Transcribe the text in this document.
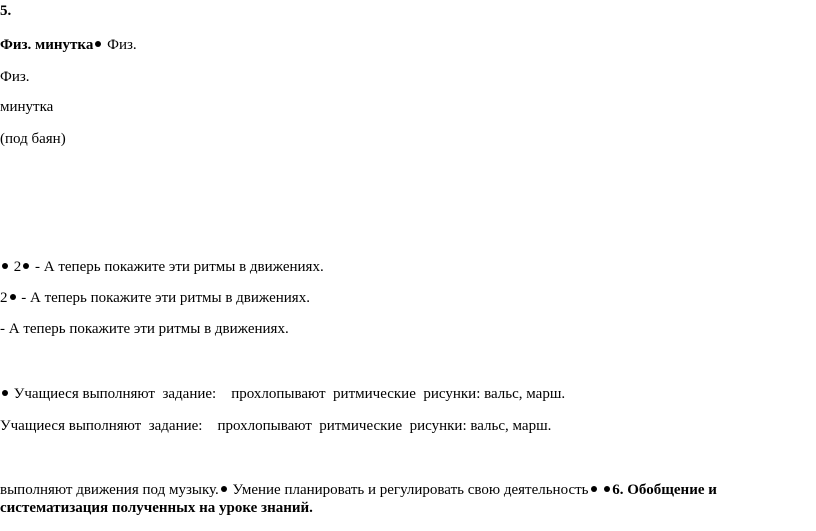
5.
Физ. минутка Физ.
Физ.
минутка
(под баян)
2 - А теперь покажите эти ритмы в движениях.
2 - А теперь покажите эти ритмы в движениях.
- А теперь покажите эти ритмы в движениях.
Учащиеся выполняют  задание:    прохлопывают  ритмические  рисунки: вальс, марш.
Учащиеся выполняют  задание:    прохлопывают  ритмические  рисунки: вальс, марш.
выполняют движения под музыку. Умение планировать и регулировать свою деятельность 6. Обобщение и систематизация полученных на уроке знаний.
